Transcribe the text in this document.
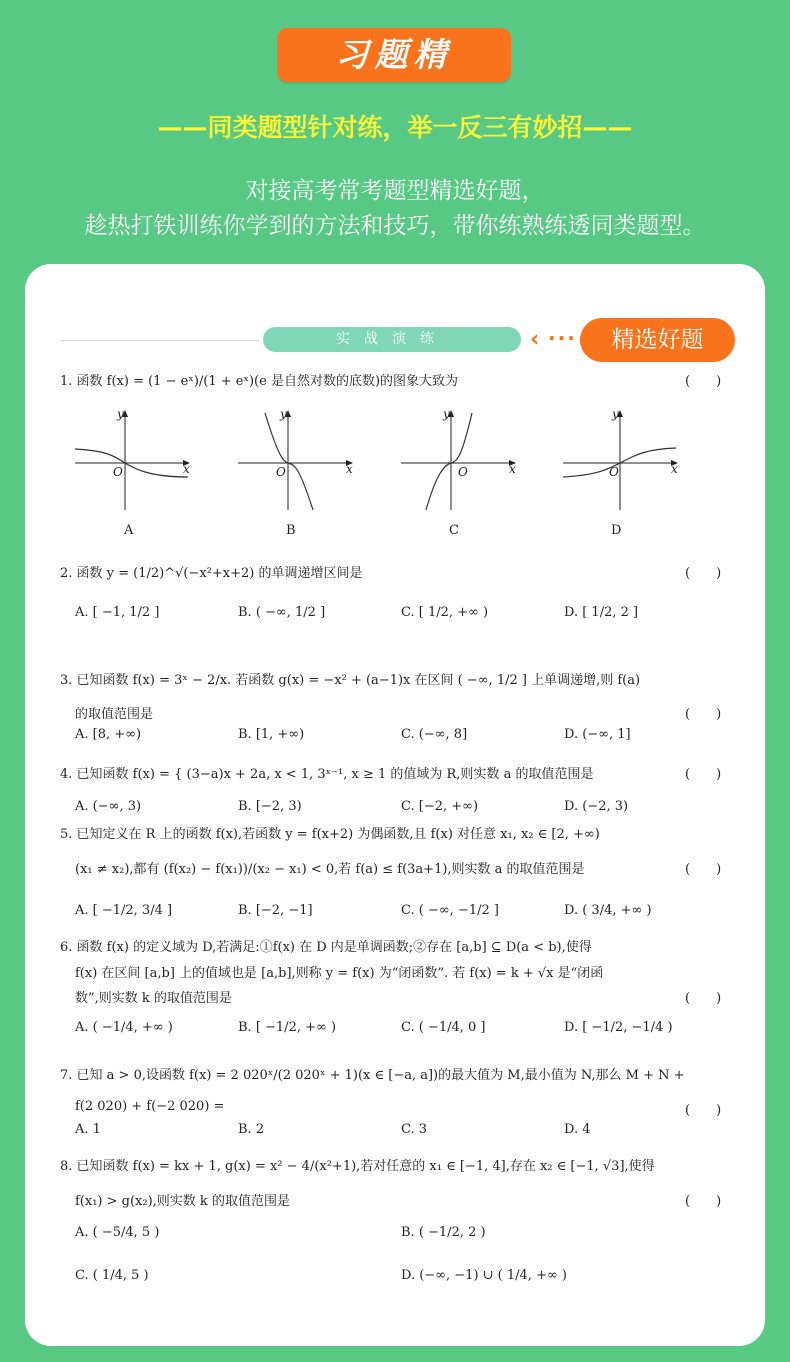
习题精
——同类题型针对练，举一反三有妙招——
对接高考常考题型精选好题，
趁热打铁训练你学到的方法和技巧，带你练熟练透同类题型。
实战演练	‹ ···	精选好题
1. 函数 f(x) = (1 − eˣ)/(1 + eˣ)(e 是自然对数的底数)的图象大致为	(　　)
y
x
O
y
x
O
y
x
O
y
x
O
A	B	C	D
2. 函数 y = (1/2)^√(−x²+x+2) 的单调递增区间是	(　　)
A. [ −1, 1/2 ]	B. ( −∞, 1/2 ]	C. [ 1/2, +∞ )	D. [ 1/2, 2 ]
3. 已知函数 f(x) = 3ˣ − 2/x. 若函数 g(x) = −x² + (a−1)x 在区间 ( −∞, 1/2 ] 上单调递增,则 f(a)
的取值范围是	(　　)
A. [8, +∞)	B. [1, +∞)	C. (−∞, 8]	D. (−∞, 1]
4. 已知函数 f(x) = { (3−a)x + 2a, x < 1, 3ˣ⁻¹, x ≥ 1 的值域为 R,则实数 a 的取值范围是	(　　)
A. (−∞, 3)	B. [−2, 3)	C. [−2, +∞)	D. (−2, 3)
5. 已知定义在 R 上的函数 f(x),若函数 y = f(x+2) 为偶函数,且 f(x) 对任意 x₁, x₂ ∈ [2, +∞)
(x₁ ≠ x₂),都有 (f(x₂) − f(x₁))/(x₂ − x₁) < 0,若 f(a) ≤ f(3a+1),则实数 a 的取值范围是	(　　)
A. [ −1/2, 3/4 ]	B. [−2, −1]	C. ( −∞, −1/2 ]	D. ( 3/4, +∞ )
6. 函数 f(x) 的定义域为 D,若满足:①f(x) 在 D 内是单调函数;②存在 [a,b] ⊆ D(a < b),使得
f(x) 在区间 [a,b] 上的值域也是 [a,b],则称 y = f(x) 为“闭函数”. 若 f(x) = k + √x 是“闭函
数”,则实数 k 的取值范围是	(　　)
A. ( −1/4, +∞ )	B. [ −1/2, +∞ )	C. ( −1/4, 0 ]	D. [ −1/2, −1/4 )
7. 已知 a > 0,设函数 f(x) = 2 020ˣ/(2 020ˣ + 1)(x ∈ [−a, a])的最大值为 M,最小值为 N,那么 M + N +
f(2 020) + f(−2 020) =	(　　)
A. 1	B. 2	C. 3	D. 4
8. 已知函数 f(x) = kx + 1, g(x) = x² − 4/(x²+1),若对任意的 x₁ ∈ [−1, 4],存在 x₂ ∈ [−1, √3],使得
f(x₁) > g(x₂),则实数 k 的取值范围是	(　　)
A. ( −5/4, 5 )	B. ( −1/2, 2 )
C. ( 1/4, 5 )	D. (−∞, −1) ∪ ( 1/4, +∞ )
